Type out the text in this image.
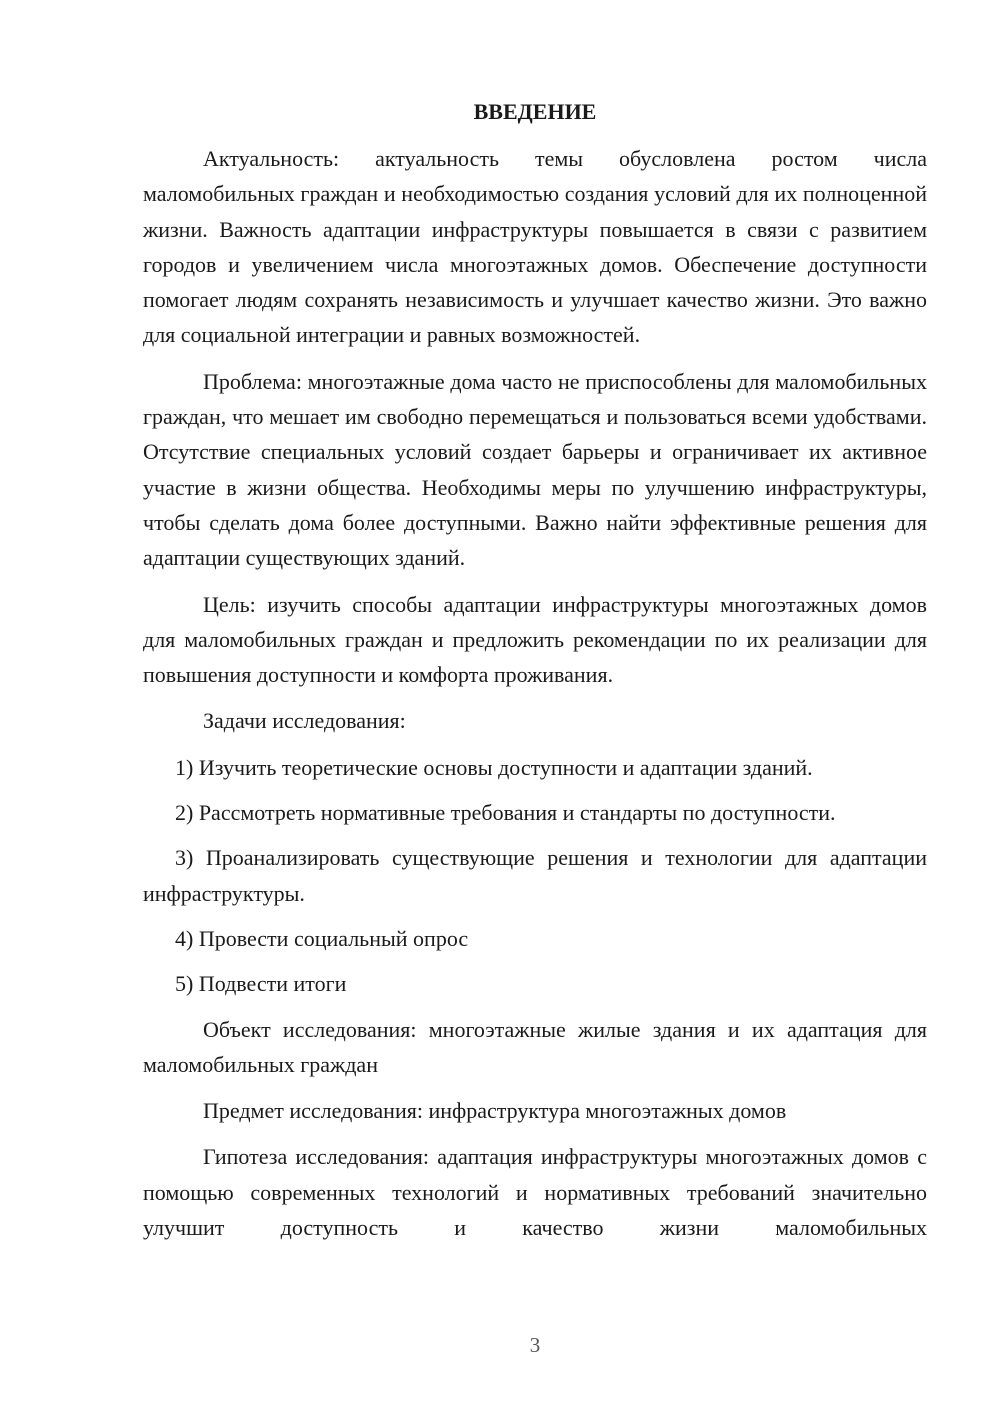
ВВЕДЕНИЕ

Актуальность: актуальность темы обусловлена ростом числа маломобильных граждан и необходимостью создания условий для их полноценной жизни. Важность адаптации инфраструктуры повышается в связи с развитием городов и увеличением числа многоэтажных домов. Обеспечение доступности помогает людям сохранять независимость и улучшает качество жизни. Это важно для социальной интеграции и равных возможностей.

Проблема: многоэтажные дома часто не приспособлены для маломобильных граждан, что мешает им свободно перемещаться и пользоваться всеми удобствами. Отсутствие специальных условий создает барьеры и ограничивает их активное участие в жизни общества. Необходимы меры по улучшению инфраструктуры, чтобы сделать дома более доступными. Важно найти эффективные решения для адаптации существующих зданий.

Цель: изучить способы адаптации инфраструктуры многоэтажных домов для маломобильных граждан и предложить рекомендации по их реализации для повышения доступности и комфорта проживания.

Задачи исследования:

1) Изучить теоретические основы доступности и адаптации зданий.

2) Рассмотреть нормативные требования и стандарты по доступности.

3) Проанализировать существующие решения и технологии для адаптации инфраструктуры.

4) Провести социальный опрос

5) Подвести итоги

Объект исследования: многоэтажные жилые здания и их адаптация для маломобильных граждан

Предмет исследования: инфраструктура многоэтажных домов

Гипотеза исследования: адаптация инфраструктуры многоэтажных домов с помощью современных технологий и нормативных требований значительно улучшит доступность и качество жизни маломобильных

3
